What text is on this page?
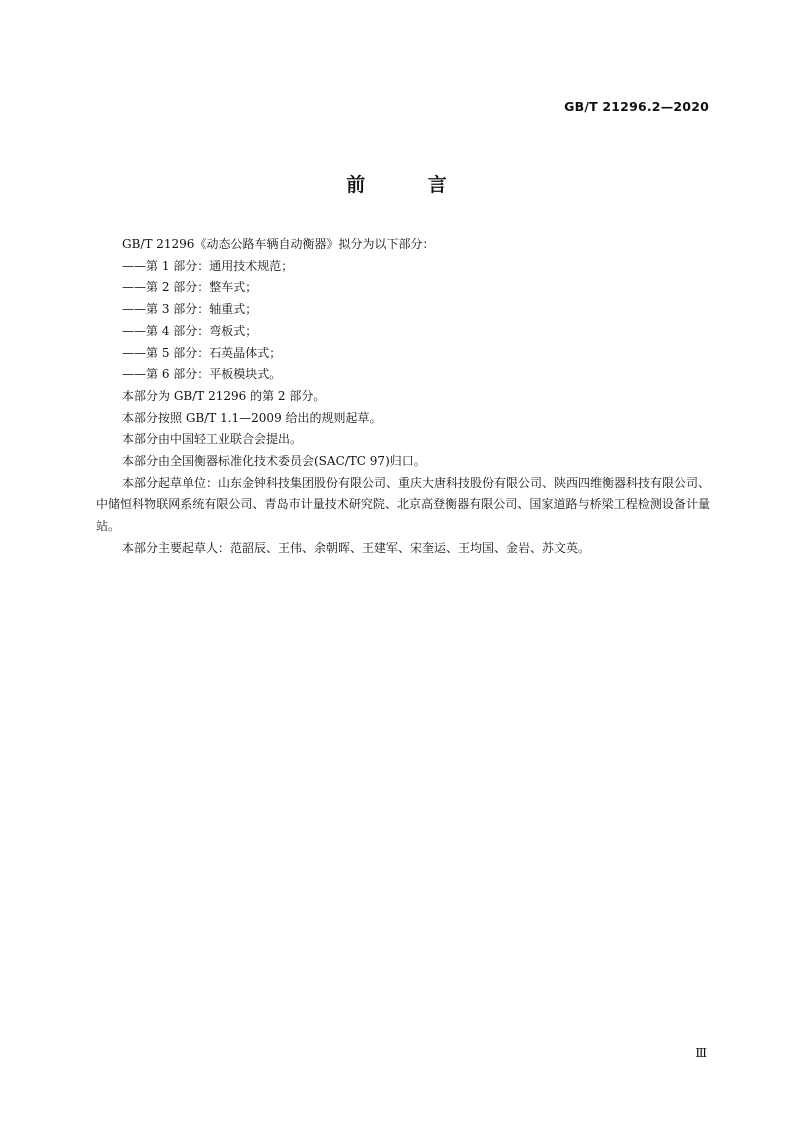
GB/T 21296.2—2020
前 言

GB/T 21296《动态公路车辆自动衡器》拟分为以下部分：

——第 1 部分：通用技术规范；

——第 2 部分：整车式；

——第 3 部分：轴重式；

——第 4 部分：弯板式；

——第 5 部分：石英晶体式；

——第 6 部分：平板模块式。

本部分为 GB/T 21296 的第 2 部分。

本部分按照 GB/T 1.1—2009 给出的规则起草。

本部分由中国轻工业联合会提出。

本部分由全国衡器标准化技术委员会(SAC/TC 97)归口。

本部分起草单位：山东金钟科技集团股份有限公司、重庆大唐科技股份有限公司、陕西四维衡器科技有限公司、中储恒科物联网系统有限公司、青岛市计量技术研究院、北京高登衡器有限公司、国家道路与桥梁工程检测设备计量站。

本部分主要起草人：范韶辰、王伟、余朝晖、王建军、宋奎运、王均国、金岩、苏文英。

Ⅲ
